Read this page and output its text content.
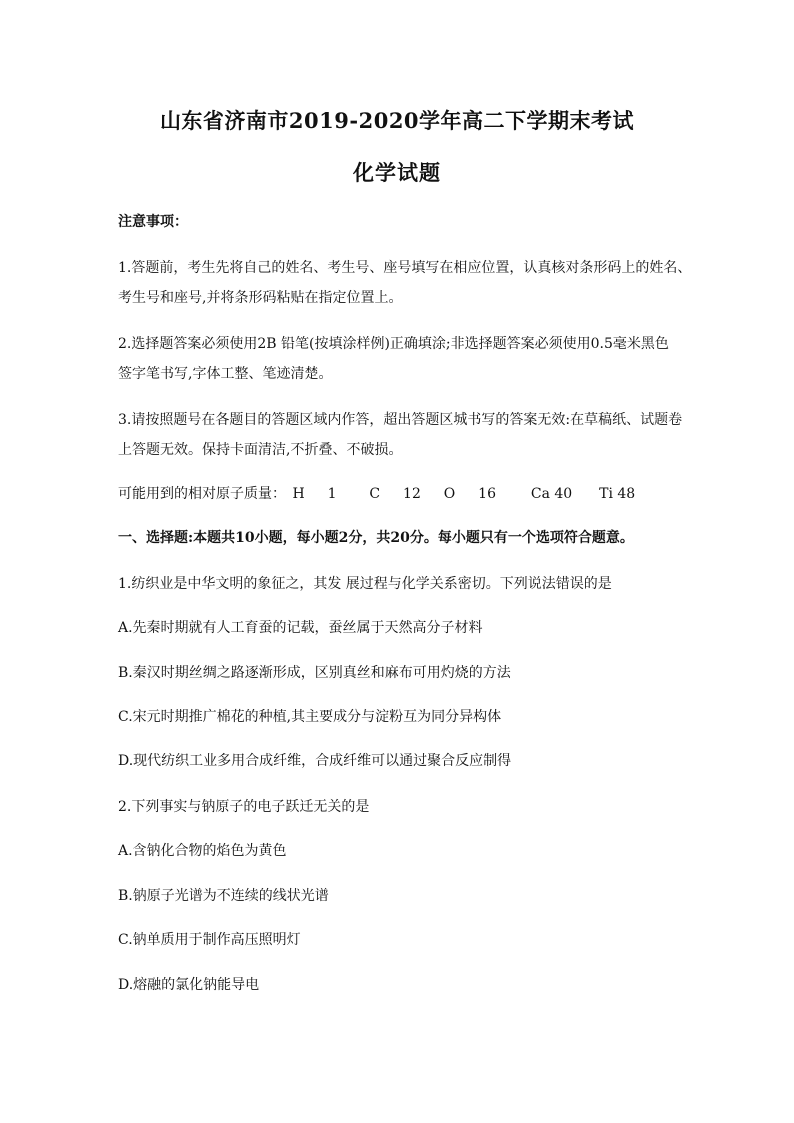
山东省济南市2019-2020学年高二下学期末考试
化学试题
注意事项：
1.答题前，考生先将自己的姓名、考生号、座号填写在相应位置，认真核对条形码上的姓名、
考生号和座号,并将条形码粘贴在指定位置上。
2.选择题答案必须使用2B 铅笔(按填涂样例)正确填涂;非选择题答案必须使用0.5毫米黑色
签字笔书写,字体工整、笔迹清楚。
3.请按照题号在各题目的答题区域内作答，超出答题区城书写的答案无效:在草稿纸、试题卷
上答题无效。保持卡面清洁,不折叠、不破损。
可能用到的相对原子质量： H 1 C 12 O 16 Ca 40 Ti 48
一、选择题:本题共10小题，每小题2分，共20分。每小题只有一个选项符合题意。
1.纺织业是中华文明的象征之，其发 展过程与化学关系密切。下列说法错误的是
A.先秦时期就有人工育蚕的记载，蚕丝属于天然高分子材料
B.秦汉时期丝绸之路逐渐形成，区别真丝和麻布可用灼烧的方法
C.宋元时期推广棉花的种植,其主要成分与淀粉互为同分异构体
D.现代纺织工业多用合成纤维，合成纤维可以通过聚合反应制得
2.下列事实与钠原子的电子跃迁无关的是
A.含钠化合物的焰色为黄色
B.钠原子光谱为不连续的线状光谱
C.钠单质用于制作高压照明灯
D.熔融的氯化钠能导电
